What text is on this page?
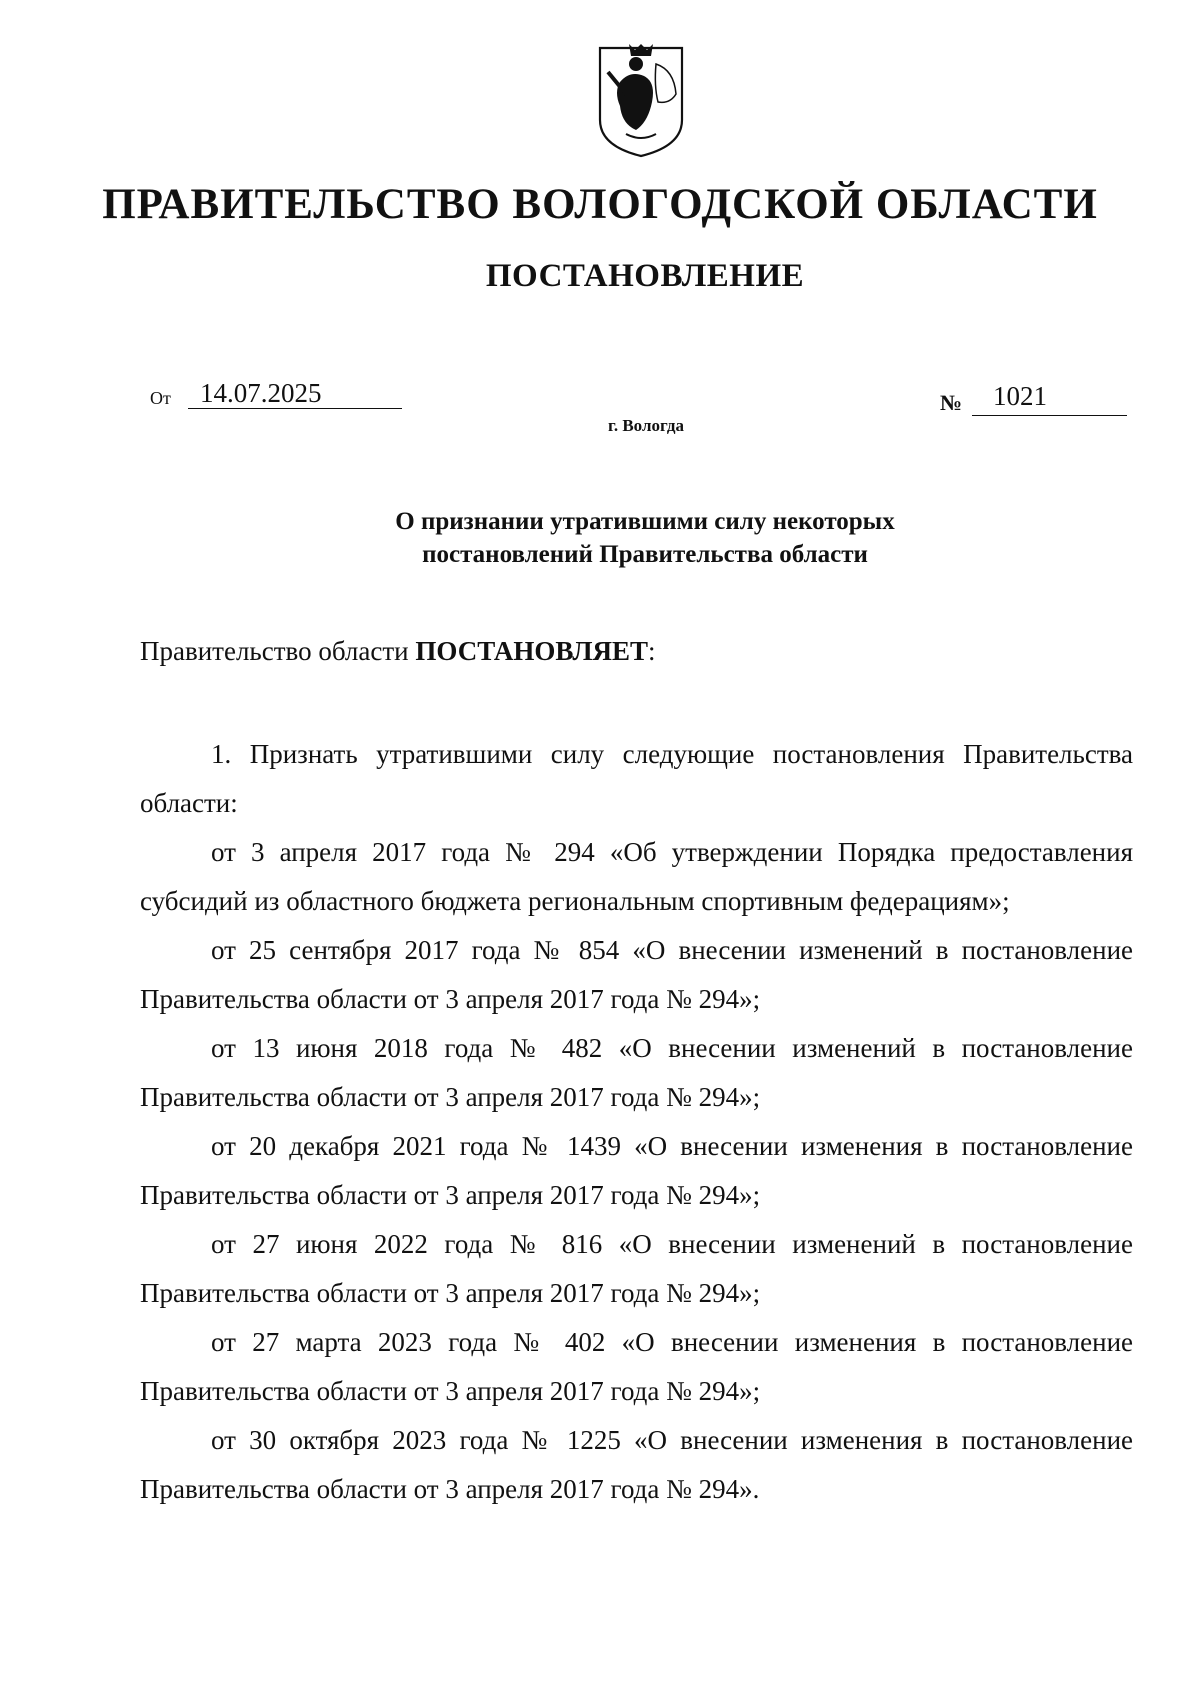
ПРАВИТЕЛЬСТВО ВОЛОГОДСКОЙ ОБЛАСТИ
ПОСТАНОВЛЕНИЕ
От 14.07.2025	№ 1021
г. Вологда
О признании утратившими силу некоторых
постановлений Правительства области
Правительство области ПОСТАНОВЛЯЕТ:

1. Признать утратившими силу следующие постановления Правительства области:

от 3 апреля 2017 года № 294 «Об утверждении Порядка предоставления субсидий из областного бюджета региональным спортивным федерациям»;

от 25 сентября 2017 года № 854 «О внесении изменений в постановление Правительства области от 3 апреля 2017 года № 294»;

от 13 июня 2018 года № 482 «О внесении изменений в постановление Правительства области от 3 апреля 2017 года № 294»;

от 20 декабря 2021 года № 1439 «О внесении изменения в постановление Правительства области от 3 апреля 2017 года № 294»;

от 27 июня 2022 года № 816 «О внесении изменений в постановление Правительства области от 3 апреля 2017 года № 294»;

от 27 марта 2023 года № 402 «О внесении изменения в постановление Правительства области от 3 апреля 2017 года № 294»;

от 30 октября 2023 года № 1225 «О внесении изменения в постановление Правительства области от 3 апреля 2017 года № 294».
